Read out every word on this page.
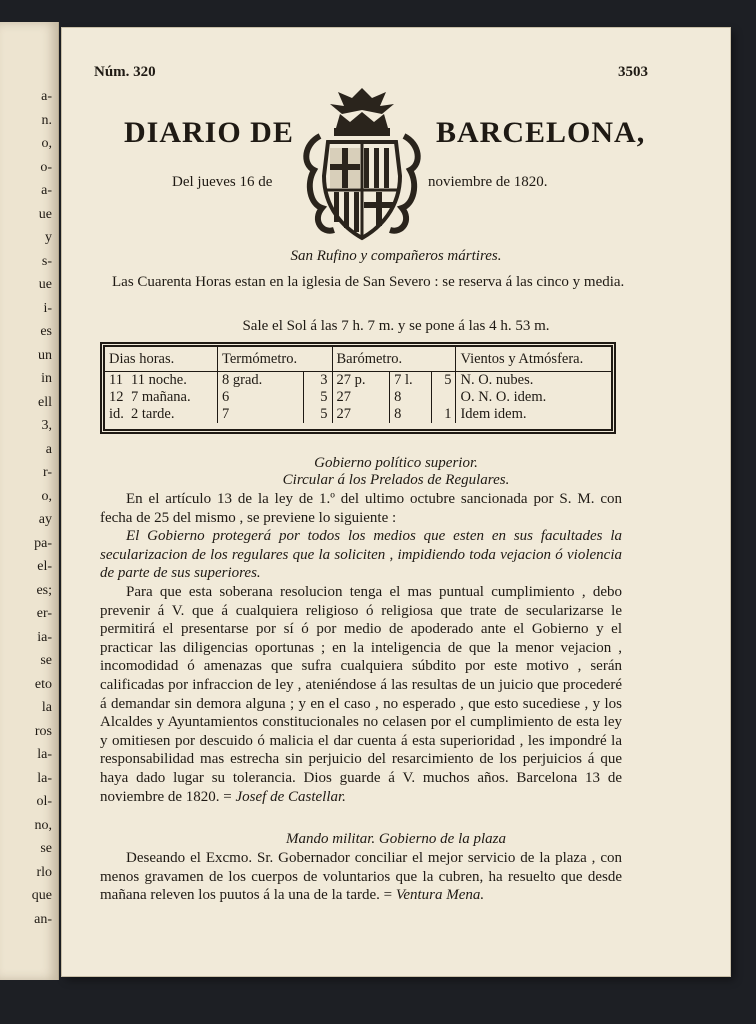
a-
n.
o,
o-
a-
ue
y
s-
ue
i-
es
un
in
ell
3,
a
r-
o,
ay
pa-
el-
es;
er-
ia-
se
eto
la
ros
la-
la-
ol-
no,
se
rlo
que
an-
Núm. 320	3503
DIARIO DE	BARCELONA,
Del jueves 16 de	noviembre de 1820.
San Rufino y compañeros mártires.
Las Cuarenta Horas estan en la iglesia de San Severo : se reserva á las cinco y media.
Sale el Sol á las 7 h. 7 m. y se pone á las 4 h. 53 m.
Dias horas.	Termómetro.		Barómetro.			Vientos y Atmósfera.
11 11 noche.	8 grad.	3	27 p.	7 l.	5	N. O. nubes.
12 7 mañana.	6	5	27	8		O. N. O. idem.
id. 2 tarde.	7	5	27	8	1	Idem idem.
Gobierno político superior.
Circular á los Prelados de Regulares.

En el artículo 13 de la ley de 1.º del ultimo octubre sancionada por S. M. con fecha de 25 del mismo , se previene lo siguiente :

El Gobierno protegerá por todos los medios que esten en sus facultades la secularizacion de los regulares que la soliciten , impidiendo toda vejacion ó violencia de parte de sus superiores.

Para que esta soberana resolucion tenga el mas puntual cumplimiento , debo prevenir á V. que á cualquiera religioso ó religiosa que trate de secularizarse le permitirá el presentarse por sí ó por medio de apoderado ante el Gobierno y el practicar las diligencias oportunas ; en la inteligencia de que la menor vejacion , incomodidad ó amenazas que sufra cualquiera súbdito por este motivo , serán calificadas por infraccion de ley , ateniéndose á las resultas de un juicio que procederé á demandar sin demora alguna ; y en el caso , no esperado , que esto sucediese , y los Alcaldes y Ayuntamientos constitucionales no celasen por el cumplimiento de esta ley y omitiesen por descuido ó malicia el dar cuenta á esta superioridad , les impondré la responsabilidad mas estrecha sin perjuicio del resarcimiento de los perjuicios á que haya dado lugar su tolerancia. Dios guarde á V. muchos años. Barcelona 13 de noviembre de 1820. = Josef de Castellar.

Mando militar. Gobierno de la plaza

Deseando el Excmo. Sr. Gobernador conciliar el mejor servicio de la plaza , con menos gravamen de los cuerpos de voluntarios que la cubren, ha resuelto que desde mañana releven los puutos á la una de la tarde. = Ventura Mena.
